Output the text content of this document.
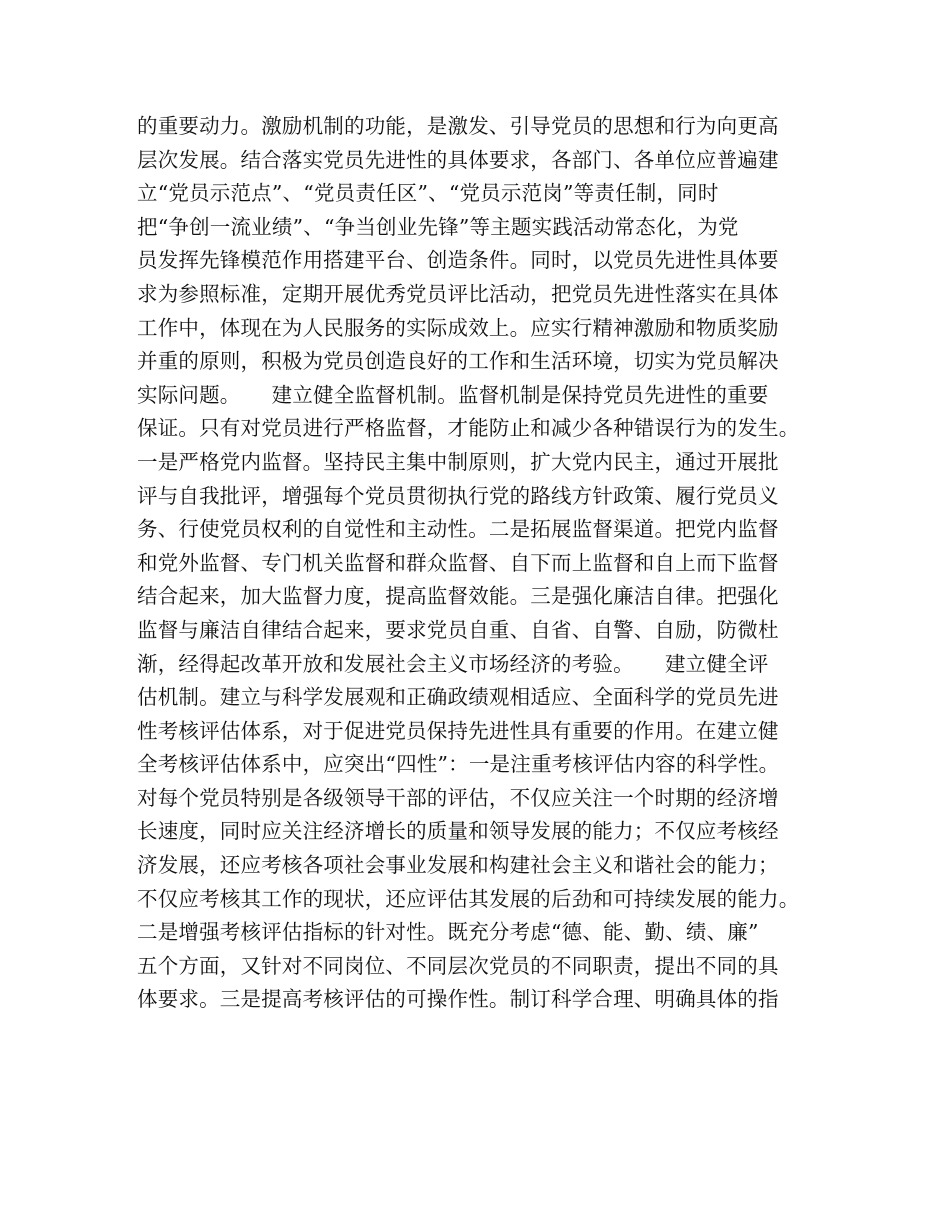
的重要动力。激励机制的功能，是激发、引导党员的思想和行为向更高
层次发展。结合落实党员先进性的具体要求，各部门、各单位应普遍建
立“党员示范点”、“党员责任区”、“党员示范岗”等责任制，同时
把“争创一流业绩”、“争当创业先锋”等主题实践活动常态化，为党
员发挥先锋模范作用搭建平台、创造条件。同时，以党员先进性具体要
求为参照标准，定期开展优秀党员评比活动，把党员先进性落实在具体
工作中，体现在为人民服务的实际成效上。应实行精神激励和物质奖励
并重的原则，积极为党员创造良好的工作和生活环境，切实为党员解决
实际问题。　　建立健全监督机制。监督机制是保持党员先进性的重要
保证。只有对党员进行严格监督，才能防止和减少各种错误行为的发生。
一是严格党内监督。坚持民主集中制原则，扩大党内民主，通过开展批
评与自我批评，增强每个党员贯彻执行党的路线方针政策、履行党员义
务、行使党员权利的自觉性和主动性。二是拓展监督渠道。把党内监督
和党外监督、专门机关监督和群众监督、自下而上监督和自上而下监督
结合起来，加大监督力度，提高监督效能。三是强化廉洁自律。把强化
监督与廉洁自律结合起来，要求党员自重、自省、自警、自励，防微杜
渐，经得起改革开放和发展社会主义市场经济的考验。　　建立健全评
估机制。建立与科学发展观和正确政绩观相适应、全面科学的党员先进
性考核评估体系，对于促进党员保持先进性具有重要的作用。在建立健
全考核评估体系中，应突出“四性”：一是注重考核评估内容的科学性。
对每个党员特别是各级领导干部的评估，不仅应关注一个时期的经济增
长速度，同时应关注经济增长的质量和领导发展的能力；不仅应考核经
济发展，还应考核各项社会事业发展和构建社会主义和谐社会的能力；
不仅应考核其工作的现状，还应评估其发展的后劲和可持续发展的能力。
二是增强考核评估指标的针对性。既充分考虑“德、能、勤、绩、廉”
五个方面，又针对不同岗位、不同层次党员的不同职责，提出不同的具
体要求。三是提高考核评估的可操作性。制订科学合理、明确具体的指
